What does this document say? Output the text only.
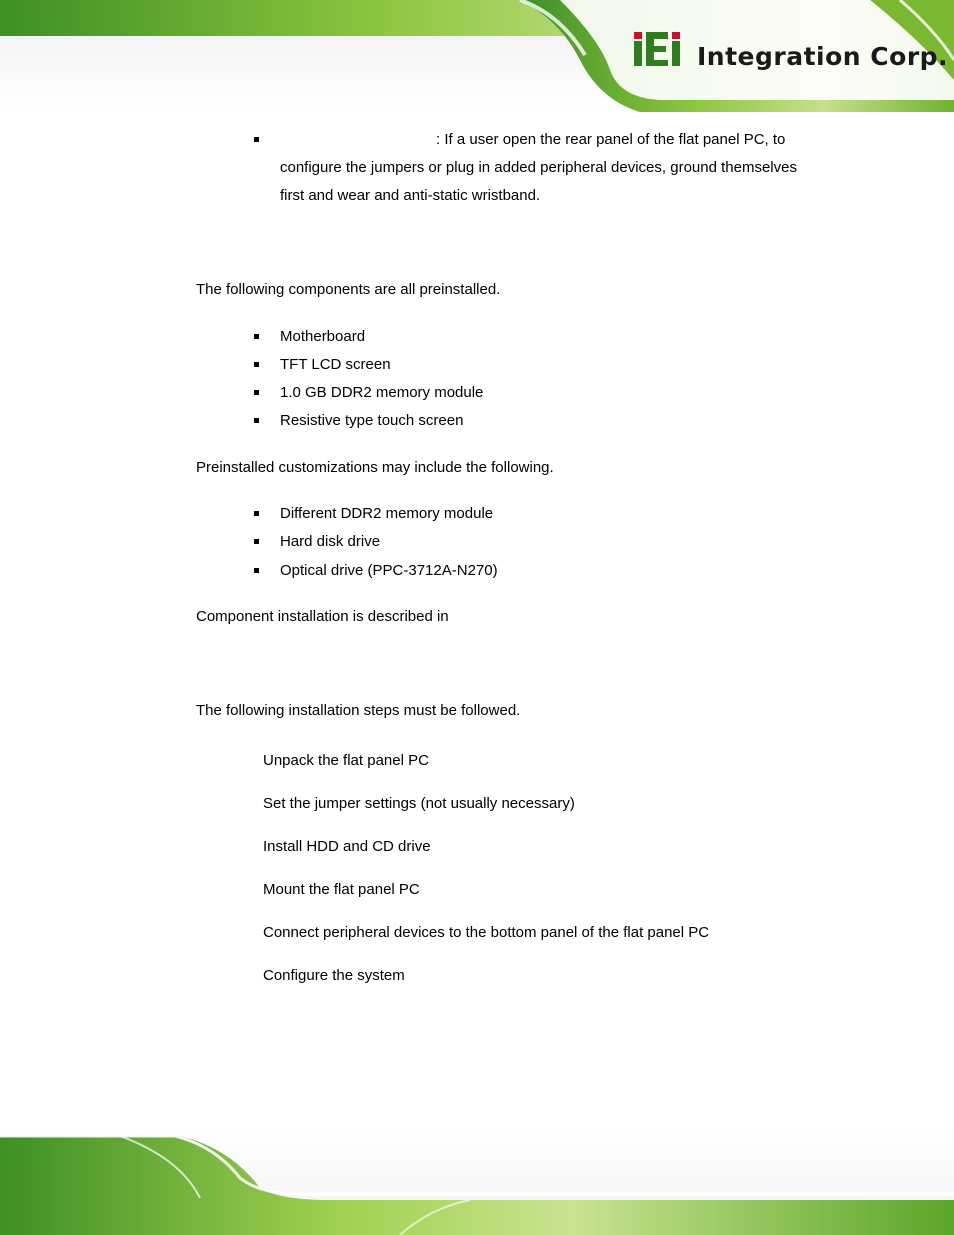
Integration Corp.
: If a user open the rear panel of the flat panel PC, to
configure the jumpers or plug in added peripheral devices, ground themselves
first and wear and anti-static wristband.
The following components are all preinstalled.
Motherboard
TFT LCD screen
1.0 GB DDR2 memory module
Resistive type touch screen
Preinstalled customizations may include the following.
Different DDR2 memory module
Hard disk drive
Optical drive (PPC-3712A-N270)
Component installation is described in
The following installation steps must be followed.
Unpack the flat panel PC
Set the jumper settings (not usually necessary)
Install HDD and CD drive
Mount the flat panel PC
Connect peripheral devices to the bottom panel of the flat panel PC
Configure the system
